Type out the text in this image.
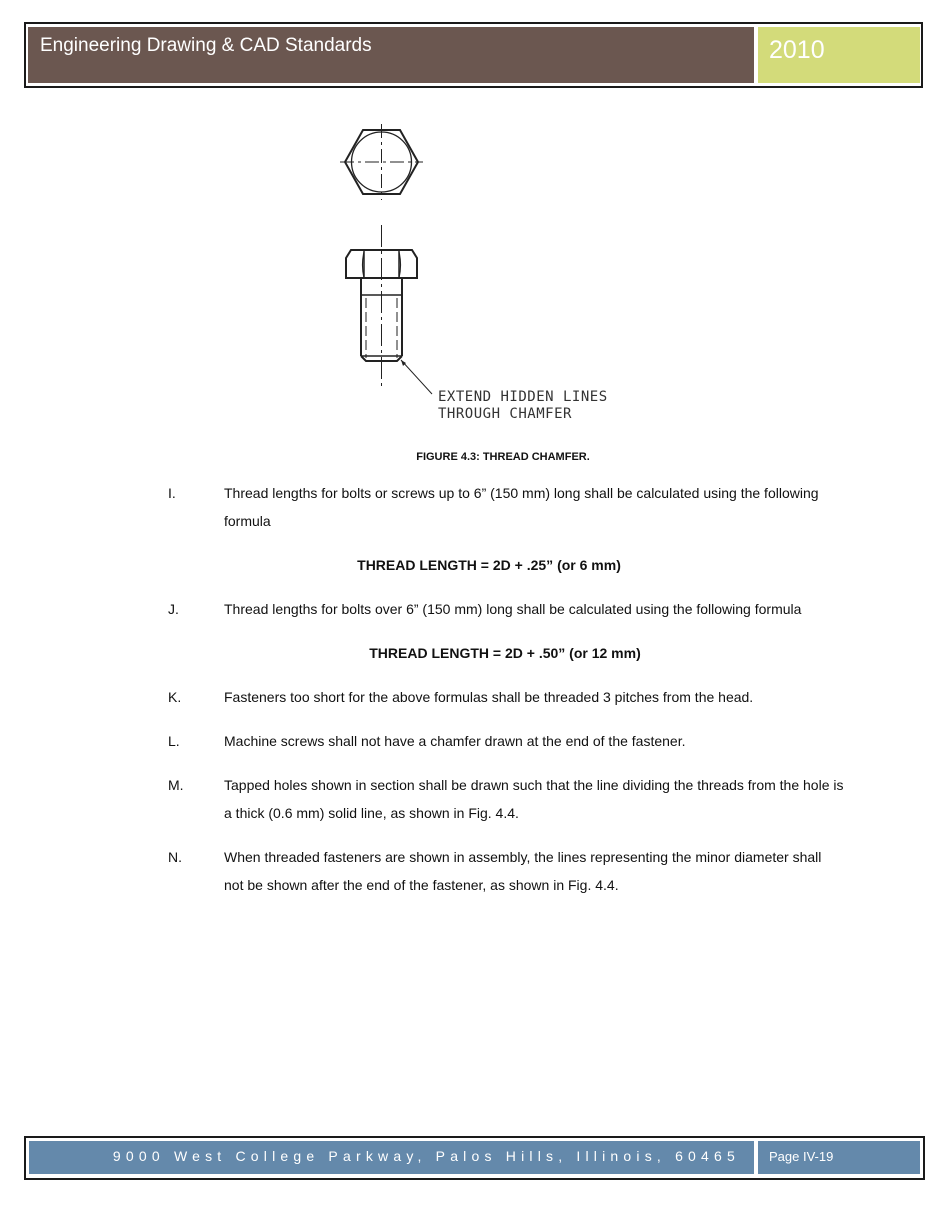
Engineering Drawing & CAD Standards	2010
EXTEND HIDDEN LINES
THROUGH CHAMFER
FIGURE 4.3: THREAD CHAMFER.
I.	Thread lengths for bolts or screws up to 6” (150 mm) long shall be calculated using the following formula
THREAD LENGTH = 2D + .25” (or 6 mm)
J.	Thread lengths for bolts over 6” (150 mm) long shall be calculated using the following formula
THREAD LENGTH = 2D + .50” (or 12 mm)
K.	Fasteners too short for the above formulas shall be threaded 3 pitches from the head.
L.	Machine screws shall not have a chamfer drawn at the end of the fastener.
M.	Tapped holes shown in section shall be drawn such that the line dividing the threads from the hole is a thick (0.6 mm) solid line, as shown in Fig. 4.4.
N.	When threaded fasteners are shown in assembly, the lines representing the minor diameter shall not be shown after the end of the fastener, as shown in Fig. 4.4.
9000 West College Parkway, Palos Hills, Illinois, 60465 Page IV-19
